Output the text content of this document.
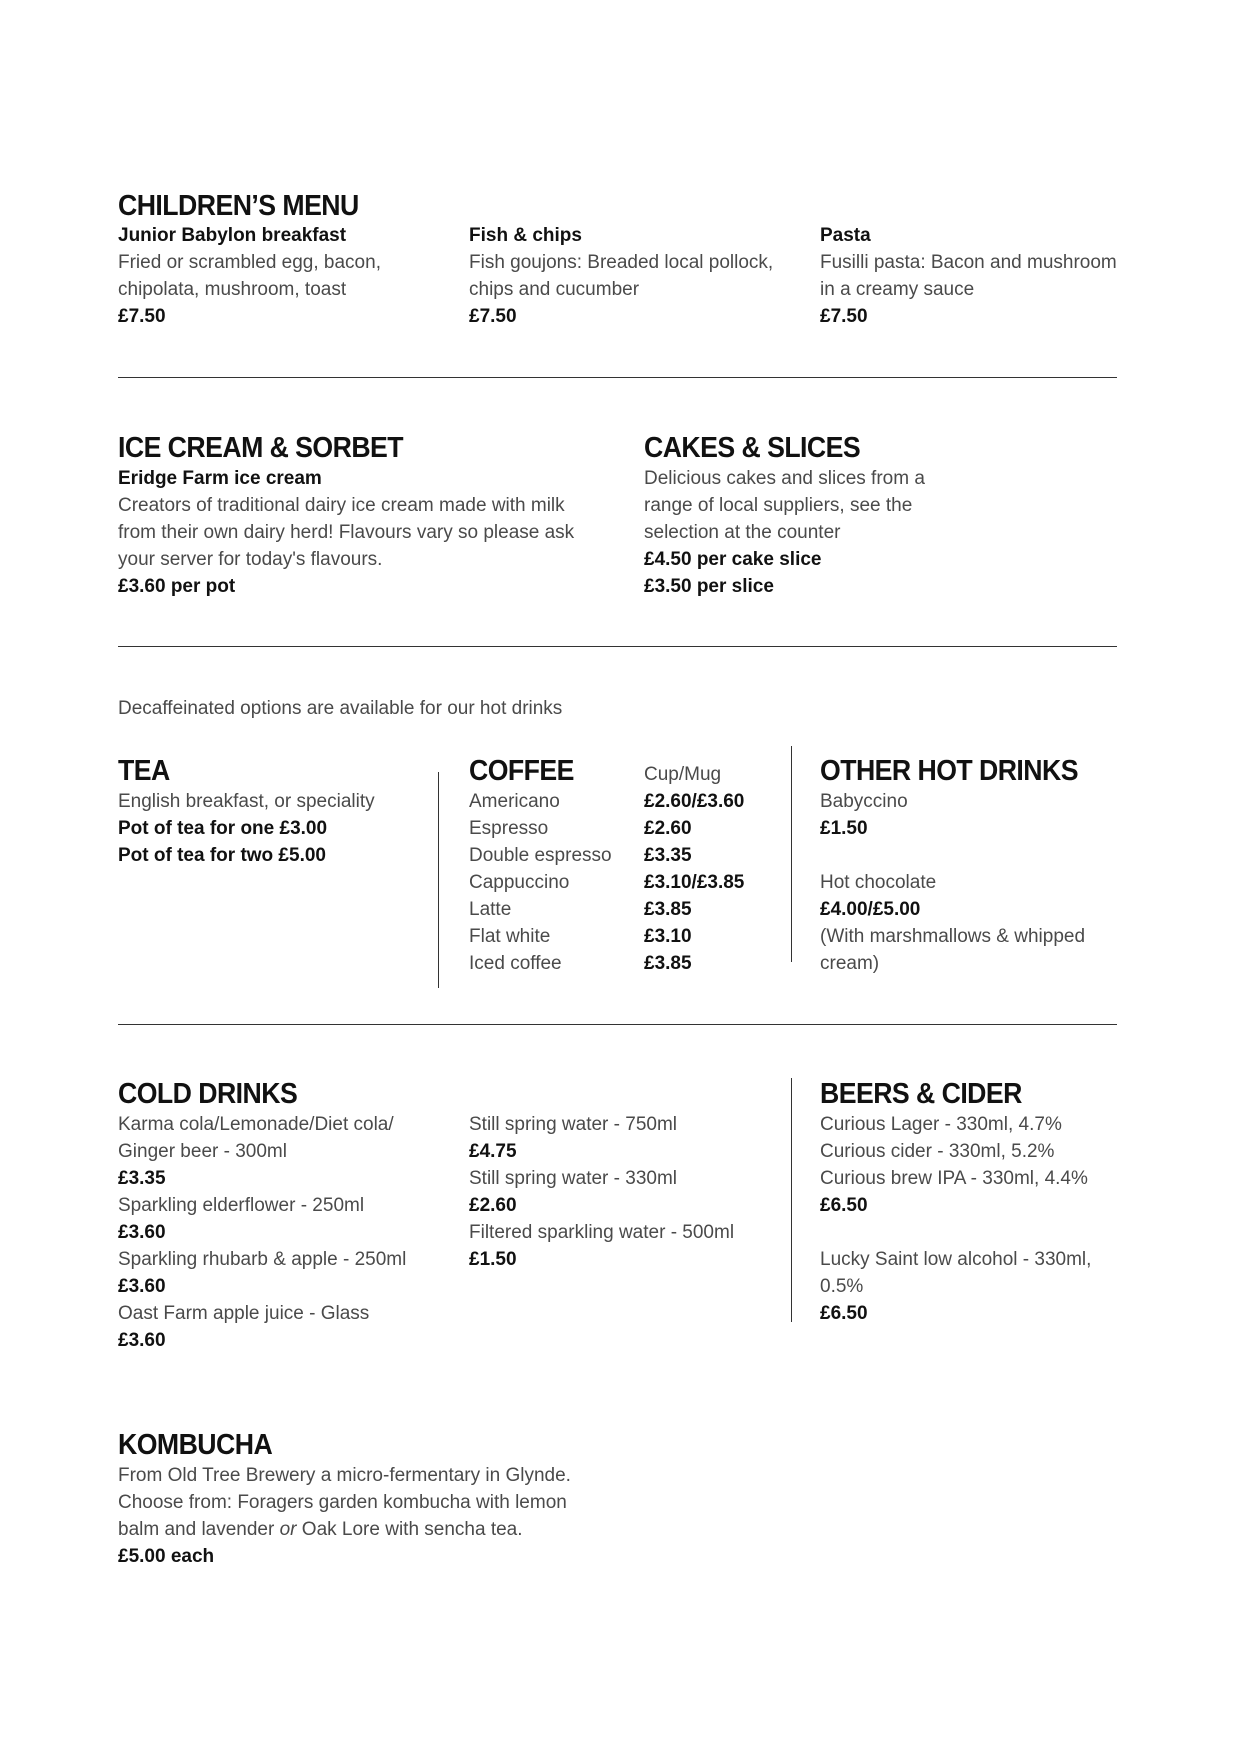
CHILDREN’S MENU
Junior Babylon breakfast
Fried or scrambled egg, bacon,
chipolata, mushroom, toast
£7.50
Fish & chips
Fish goujons: Breaded local pollock,
chips and cucumber
£7.50
Pasta
Fusilli pasta: Bacon and mushroom
in a creamy sauce
£7.50
ICE CREAM & SORBET
Eridge Farm ice cream
Creators of traditional dairy ice cream made with milk
from their own dairy herd! Flavours vary so please ask
your server for today's flavours.
£3.60 per pot
CAKES & SLICES
Delicious cakes and slices from a
range of local suppliers, see the
selection at the counter
£4.50 per cake slice
£3.50 per slice
Decaffeinated options are available for our hot drinks
TEA
English breakfast, or speciality
Pot of tea for one £3.00
Pot of tea for two £5.00
COFFEE	Cup/Mug
Americano
Espresso
Double espresso
Cappuccino
Latte
Flat white
Iced coffee
£2.60/£3.60
£2.60
£3.35
£3.10/£3.85
£3.85
£3.10
£3.85
OTHER HOT DRINKS
Babyccino
£1.50
Hot chocolate
£4.00/£5.00
(With marshmallows & whipped
cream)
COLD DRINKS
Karma cola/Lemonade/Diet cola/
Ginger beer - 300ml
£3.35
Sparkling elderflower - 250ml
£3.60
Sparkling rhubarb & apple - 250ml
£3.60
Oast Farm apple juice - Glass
£3.60
Still spring water - 750ml
£4.75
Still spring water - 330ml
£2.60
Filtered sparkling water - 500ml
£1.50
BEERS & CIDER
Curious Lager - 330ml, 4.7%
Curious cider - 330ml, 5.2%
Curious brew IPA - 330ml, 4.4%
£6.50
Lucky Saint low alcohol - 330ml,
0.5%
£6.50
KOMBUCHA
From Old Tree Brewery a micro-fermentary in Glynde.
Choose from: Foragers garden kombucha with lemon
balm and lavender or Oak Lore with sencha tea.
£5.00 each
